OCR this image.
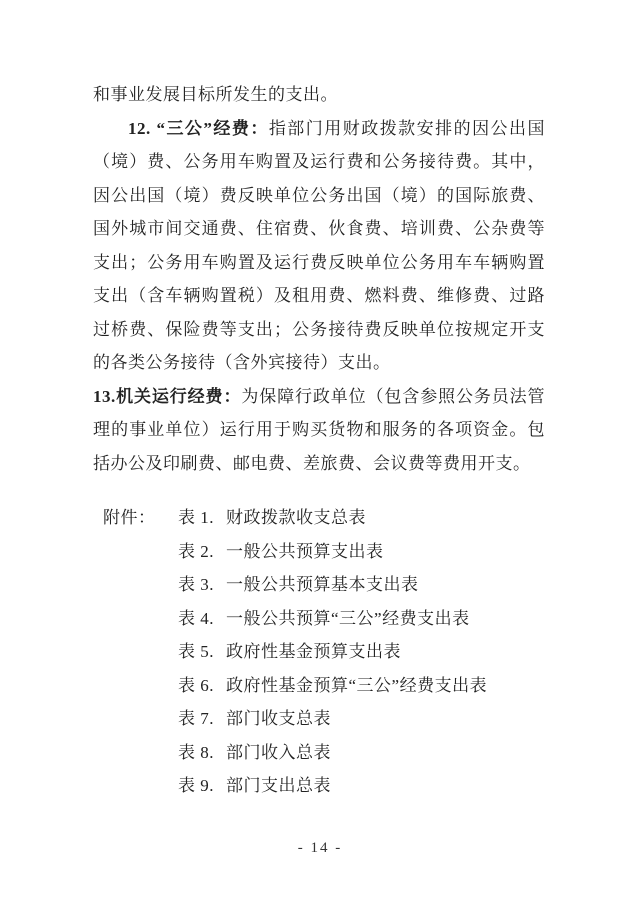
和事业发展目标所发生的支出。

12. “三公”经费：指部门用财政拨款安排的因公出国（境）费、公务用车购置及运行费和公务接待费。其中，因公出国（境）费反映单位公务出国（境）的国际旅费、国外城市间交通费、住宿费、伙食费、培训费、公杂费等支出；公务用车购置及运行费反映单位公务用车车辆购置支出（含车辆购置税）及租用费、燃料费、维修费、过路过桥费、保险费等支出；公务接待费反映单位按规定开支的各类公务接待（含外宾接待）支出。

13.机关运行经费：为保障行政单位（包含参照公务员法管理的事业单位）运行用于购买货物和服务的各项资金。包括办公及印刷费、邮电费、差旅费、会议费等费用开支。

附件：	表 1. 财政拨款收支总表
表 2. 一般公共预算支出表
表 3. 一般公共预算基本支出表
表 4. 一般公共预算“三公”经费支出表
表 5. 政府性基金预算支出表
表 6. 政府性基金预算“三公”经费支出表
表 7. 部门收支总表
表 8. 部门收入总表
表 9. 部门支出总表
- 14 -
